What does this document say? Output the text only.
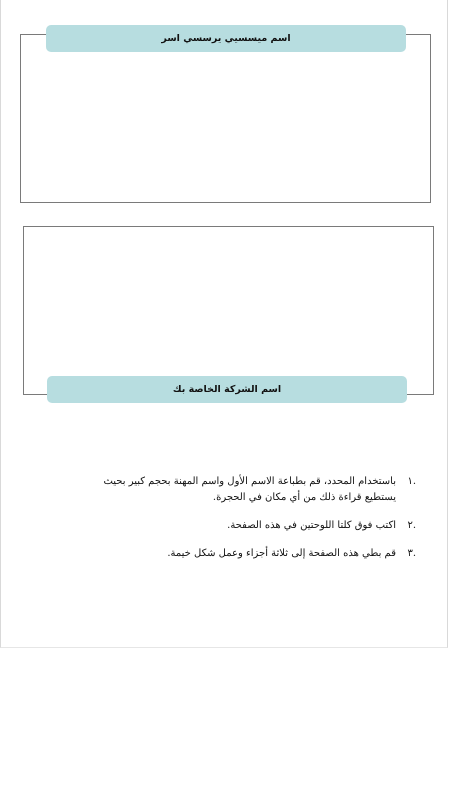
اسم ميسسيي يرسسي اسر
اسم الشركة الخاصة بك
.١
باستخدام المحدد، قم بطباعة الاسم الأول واسم المهنة بحجم كبير بحيث يستطيع قراءة ذلك من أي مكان في الحجرة.
.٢
اكتب فوق كلتا اللوحتين في هذه الصفحة.
.٣
قم بطي هذه الصفحة إلى ثلاثة أجزاء وعمل شكل خيمة.
